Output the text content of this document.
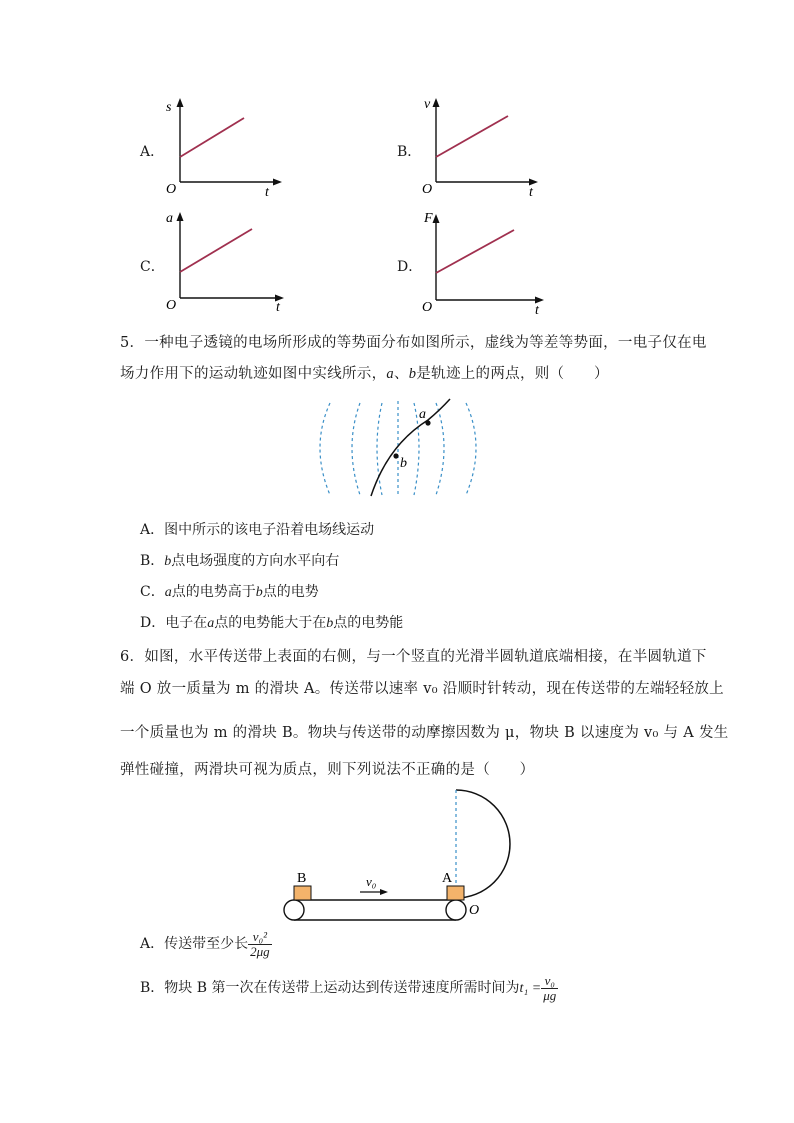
A．
s
O	t
B．
v
O	t
C．
a
O	t
D．
F
O	t
5．一种电子透镜的电场所形成的等势面分布如图所示，虚线为等差等势面，一电子仅在电
场力作用下的运动轨迹如图中实线所示，a、b是轨迹上的两点，则（　　）
a
b
A．图中所示的该电子沿着电场线运动
B．b点电场强度的方向水平向右
C．a点的电势高于b点的电势
D．电子在a点的电势能大于在b点的电势能
6．如图，水平传送带上表面的右侧，与一个竖直的光滑半圆轨道底端相接，在半圆轨道下
端 O 放一质量为 m 的滑块 A。传送带以速率 v₀ 沿顺时针转动，现在传送带的左端轻轻放上
一个质量也为 m 的滑块 B。物块与传送带的动摩擦因数为 μ，物块 B 以速度为 v₀ 与 A 发生
弹性碰撞，两滑块可视为质点，则下列说法不正确的是（　　）
B	A
v₀
O
A．传送带至少长 $\frac{\text{v₀²}}{2\mu g}$
B．物块 B 第一次在传送带上运动达到传送带速度所需时间为$t_1 = \frac{\text{v₀}}{\mu g}$
